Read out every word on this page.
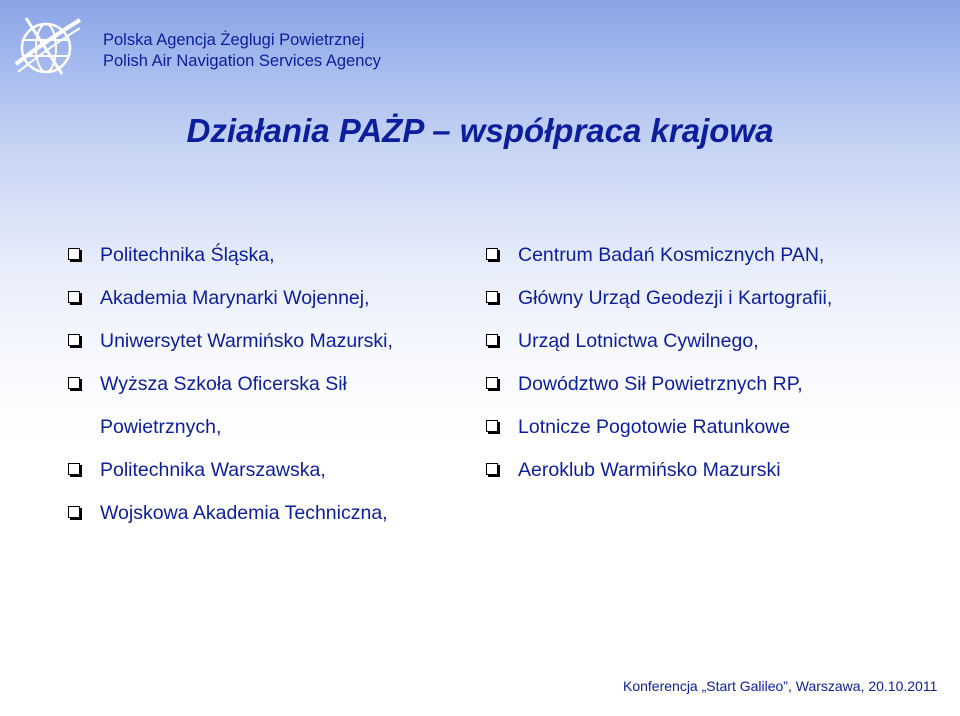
Polska Agencja Żeglugi Powietrznej
Polish Air Navigation Services Agency
Działania PAŻP – współpraca krajowa
Politechnika Śląska,
Akademia Marynarki Wojennej,
Uniwersytet Warmińsko Mazurski,
Wyższa Szkoła Oficerska Sił
Powietrznych,
Politechnika Warszawska,
Wojskowa Akademia Techniczna,
Centrum Badań Kosmicznych PAN,
Główny Urząd Geodezji i Kartografii,
Urząd Lotnictwa Cywilnego,
Dowództwo Sił Powietrznych RP,
Lotnicze Pogotowie Ratunkowe
Aeroklub Warmińsko Mazurski
Konferencja „Start Galileo”, Warszawa, 20.10.2011
